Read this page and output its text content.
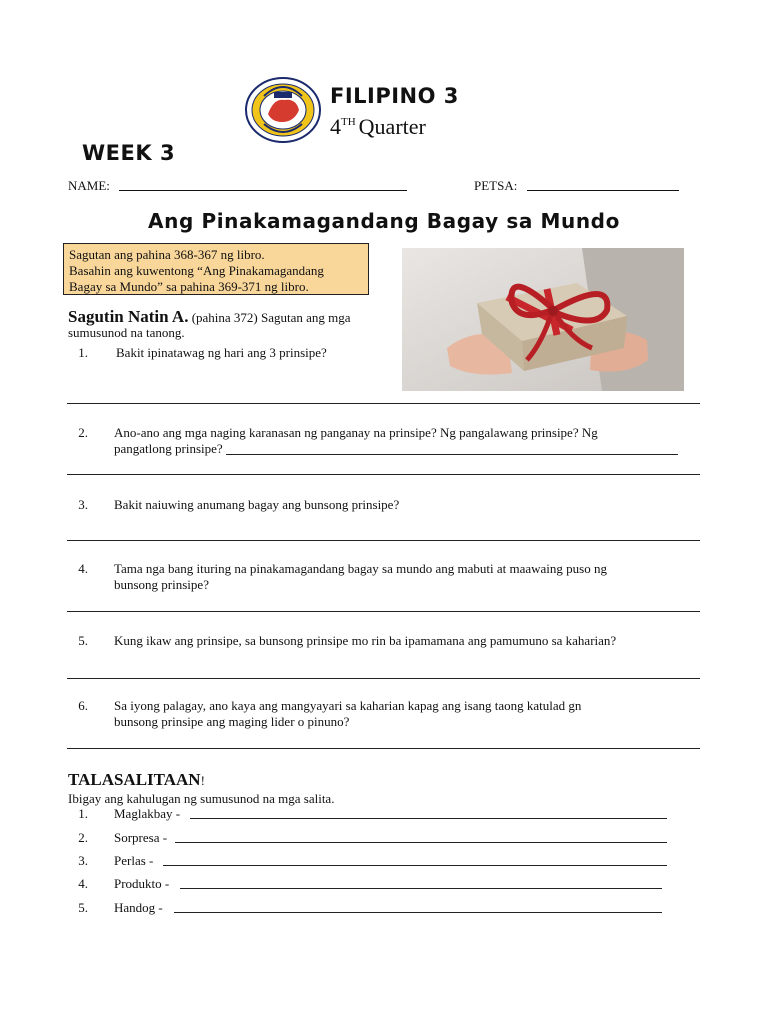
FILIPINO 3
4TH Quarter
WEEK 3
NAME:	PETSA:
Ang Pinakamagandang Bagay sa Mundo
Sagutan ang pahina 368-367 ng libro.
Basahin ang kuwentong “Ang Pinakamagandang
Bagay sa Mundo” sa pahina 369-371 ng libro.
Sagutin Natin A. (pahina 372) Sagutan ang mga sumusunod na tanong.
1. Bakit ipinatawag ng hari ang 3 prinsipe?
2. Ano-ano ang mga naging karanasan ng panganay na prinsipe? Ng pangalawang prinsipe? Ng
pangatlong prinsipe?
3. Bakit naiuwing anumang bagay ang bunsong prinsipe?
4. Tama nga bang ituring na pinakamagandang bagay sa mundo ang mabuti at maawaing puso ng
bunsong prinsipe?
5. Kung ikaw ang prinsipe, sa bunsong prinsipe mo rin ba ipamamana ang pamumuno sa kaharian?
6. Sa iyong palagay, ano kaya ang mangyayari sa kaharian kapag ang isang taong katulad gn
bunsong prinsipe ang maging lider o pinuno?
TALASALITAAN!
Ibigay ang kahulugan ng sumusunod na mga salita.
1. Maglakbay -
2. Sorpresa -
3. Perlas -
4. Produkto -
5. Handog -
